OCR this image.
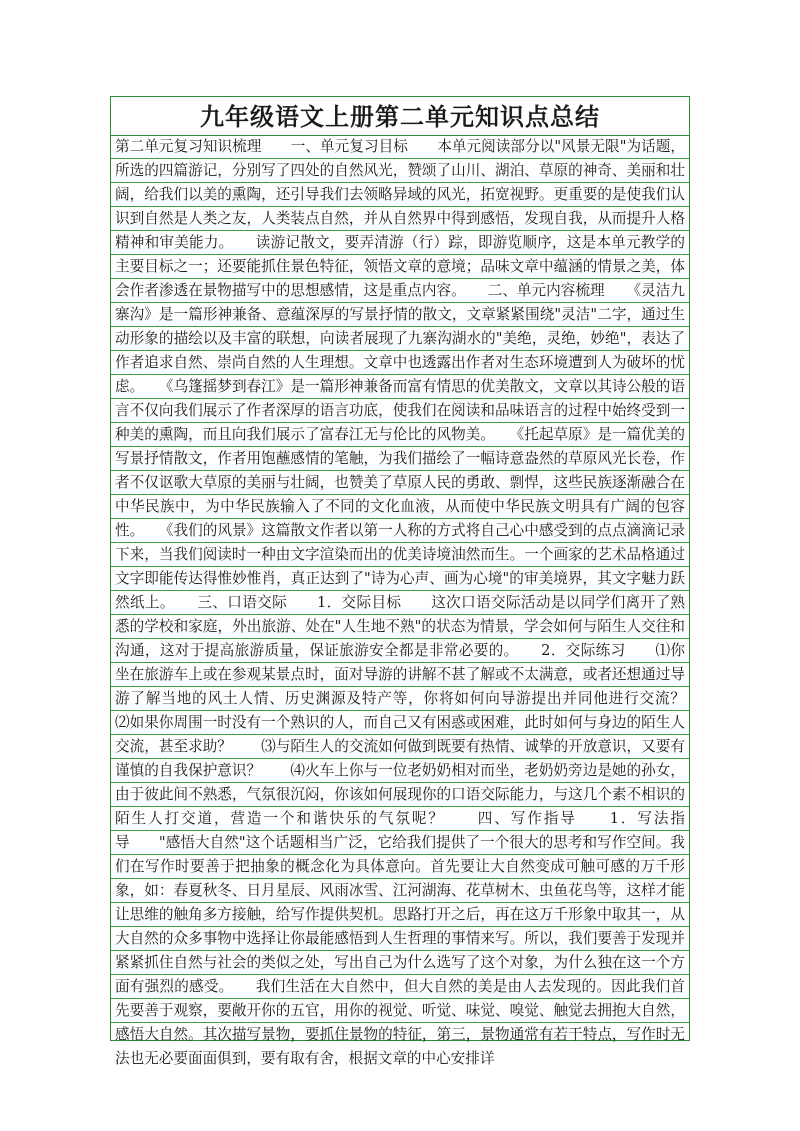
九年级语文上册第二单元知识点总结

第二单元复习知识梳理　　一、单元复习目标　　本单元阅读部分以"风景无限"为话题，所选的四篇游记，分别写了四处的自然风光，赞颂了山川、湖泊、草原的神奇、美丽和壮阔，给我们以美的熏陶，还引导我们去领略异域的风光，拓宽视野。更重要的是使我们认识到自然是人类之友，人类装点自然，并从自然界中得到感悟，发现自我，从而提升人格精神和审美能力。　　读游记散文，要弄清游（行）踪，即游览顺序，这是本单元教学的主要目标之一；还要能抓住景色特征，领悟文章的意境；品味文章中蕴涵的情景之美，体会作者渗透在景物描写中的思想感情，这是重点内容。　　二、单元内容梳理　　《灵洁九寨沟》是一篇形神兼备、意蕴深厚的写景抒情的散文，文章紧紧围绕"灵洁"二字，通过生动形象的描绘以及丰富的联想，向读者展现了九寨沟湖水的"美绝，灵绝，妙绝"，表达了作者追求自然、崇尚自然的人生理想。文章中也透露出作者对生态环境遭到人为破坏的忧虑。　　《乌篷摇梦到春江》是一篇形神兼备而富有情思的优美散文，文章以其诗公般的语言不仅向我们展示了作者深厚的语言功底，使我们在阅读和品味语言的过程中始终受到一种美的熏陶，而且向我们展示了富春江无与伦比的风物美。　　《托起草原》是一篇优美的写景抒情散文，作者用饱蘸感情的笔触，为我们描绘了一幅诗意盎然的草原风光长卷，作者不仅讴歌大草原的美丽与壮阔，也赞美了草原人民的勇敢、剽悍，这些民族逐渐融合在中华民族中，为中华民族输入了不同的文化血液，从而使中华民族文明具有广阔的包容性。　　《我们的风景》这篇散文作者以第一人称的方式将自己心中感受到的点点滴滴记录下来，当我们阅读时一种由文字渲染而出的优美诗境油然而生。一个画家的艺术品格通过文字即能传达得惟妙惟肖，真正达到了"诗为心声、画为心境"的审美境界，其文字魅力跃然纸上。　　三、口语交际　　1．交际目标　　这次口语交际活动是以同学们离开了熟悉的学校和家庭，外出旅游、处在"人生地不熟"的状态为情景，学会如何与陌生人交往和沟通，这对于提高旅游质量，保证旅游安全都是非常必要的。　　2．交际练习　　⑴你坐在旅游车上或在参观某景点时，面对导游的讲解不甚了解或不太满意，或者还想通过导游了解当地的风土人情、历史渊源及特产等，你将如何向导游提出并同他进行交流？　　⑵如果你周围一时没有一个熟识的人，而自己又有困惑或困难，此时如何与身边的陌生人交流，甚至求助？　　⑶与陌生人的交流如何做到既要有热情、诚挚的开放意识，又要有谨慎的自我保护意识？　　⑷火车上你与一位老奶奶相对而坐，老奶奶旁边是她的孙女，由于彼此间不熟悉，气氛很沉闷，你该如何展现你的口语交际能力，与这几个素不相识的陌生人打交道，营造一个和谐快乐的气氛呢？　　四、写作指导　　1．写法指导　　"感悟大自然"这个话题相当广泛，它给我们提供了一个很大的思考和写作空间。我们在写作时要善于把抽象的概念化为具体意向。首先要让大自然变成可触可感的万千形象，如：春夏秋冬、日月星辰、风雨冰雪、江河湖海、花草树木、虫鱼花鸟等，这样才能让思维的触角多方接触，给写作提供契机。思路打开之后，再在这万千形象中取其一，从大自然的众多事物中选择让你最能感悟到人生哲理的事情来写。所以，我们要善于发现并紧紧抓住自然与社会的类似之处，写出自己为什么选写了这个对象，为什么独在这一个方面有强烈的感受。　　我们生活在大自然中，但大自然的美是由人去发现的。因此我们首先要善于观察，要敞开你的五官，用你的视觉、听觉、味觉、嗅觉、触觉去拥抱大自然，感悟大自然。其次描写景物，要抓住景物的特征，第三，景物通常有若干特点，写作时无法也无必要面面俱到，要有取有舍，根据文章的中心安排详
